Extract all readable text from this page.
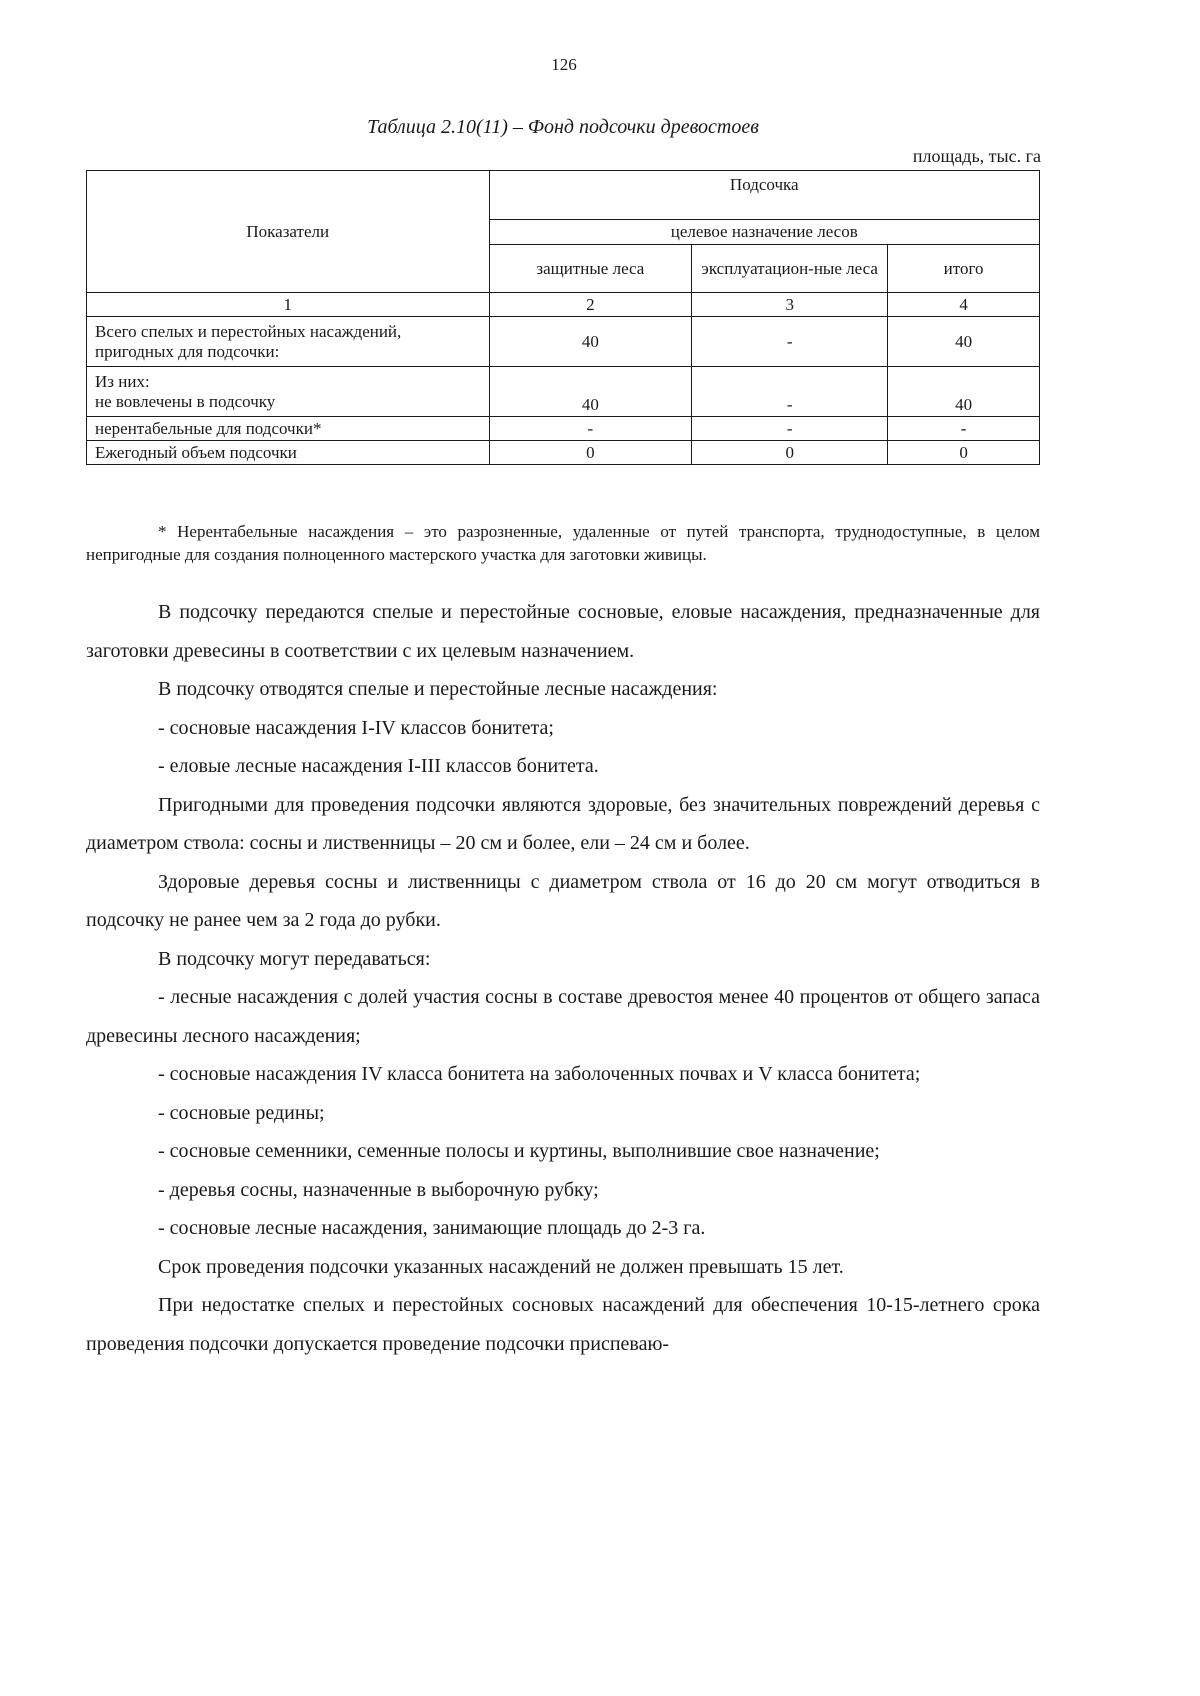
126
Таблица 2.10(11) – Фонд подсочки древостоев
площадь, тыс. га
Показатели	Подсочка		
	целевое назначение лесов		
	защитные леса	эксплуатацион-ные леса	итого
1	2	3	4
Всего спелых и перестойных насаждений, пригодных для подсочки:	40	-	40

Из них:
не вовлечены в подсочку	40	-	40
нерентабельные для подсочки*	-	-	-
Ежегодный объем подсочки	0	0	0
* Нерентабельные насаждения – это разрозненные, удаленные от путей транспорта, труднодоступные, в целом непригодные для создания полноценного мастерского участка для заготовки живицы.

В подсочку передаются спелые и перестойные сосновые, еловые насаждения, предназначенные для заготовки древесины в соответствии с их целевым назначением.

В подсочку отводятся спелые и перестойные лесные насаждения:

- сосновые насаждения I-IV классов бонитета;

- еловые лесные насаждения I-III классов бонитета.

Пригодными для проведения подсочки являются здоровые, без значительных повреждений деревья с диаметром ствола: сосны и лиственницы – 20 см и более, ели – 24 см и более.

Здоровые деревья сосны и лиственницы с диаметром ствола от 16 до 20 см могут отводиться в подсочку не ранее чем за 2 года до рубки.

В подсочку могут передаваться:

- лесные насаждения с долей участия сосны в составе древостоя менее 40 процентов от общего запаса древесины лесного насаждения;

- сосновые насаждения IV класса бонитета на заболоченных почвах и V класса бонитета;

- сосновые редины;

- сосновые семенники, семенные полосы и куртины, выполнившие свое назначение;

- деревья сосны, назначенные в выборочную рубку;

- сосновые лесные насаждения, занимающие площадь до 2-3 га.

Срок проведения подсочки указанных насаждений не должен превышать 15 лет.

При недостатке спелых и перестойных сосновых насаждений для обеспечения 10-15-летнего срока проведения подсочки допускается проведение подсочки приспеваю-
